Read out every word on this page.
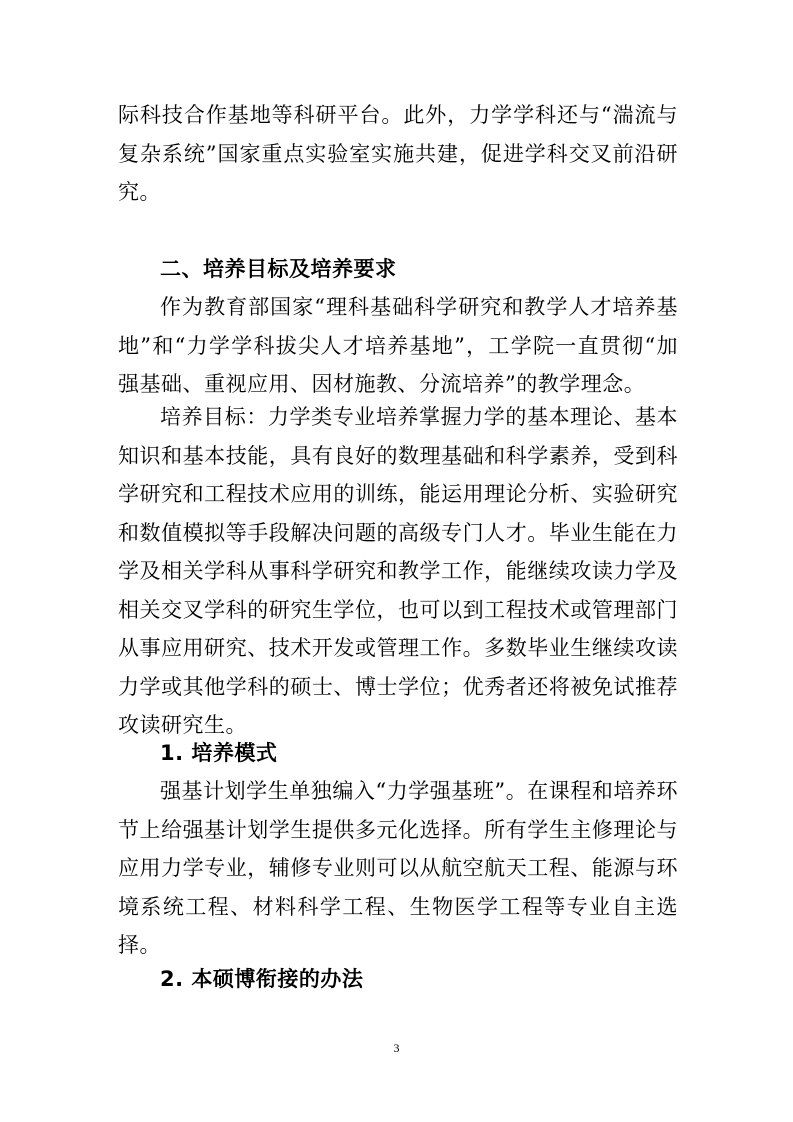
际科技合作基地等科研平台。此外，力学学科还与“湍流与复杂系统”国家重点实验室实施共建，促进学科交叉前沿研究。

二、培养目标及培养要求

作为教育部国家“理科基础科学研究和教学人才培养基地”和“力学学科拔尖人才培养基地”，工学院一直贯彻“加强基础、重视应用、因材施教、分流培养”的教学理念。

培养目标：力学类专业培养掌握力学的基本理论、基本知识和基本技能，具有良好的数理基础和科学素养，受到科学研究和工程技术应用的训练，能运用理论分析、实验研究和数值模拟等手段解决问题的高级专门人才。毕业生能在力学及相关学科从事科学研究和教学工作，能继续攻读力学及相关交叉学科的研究生学位，也可以到工程技术或管理部门从事应用研究、技术开发或管理工作。多数毕业生继续攻读力学或其他学科的硕士、博士学位；优秀者还将被免试推荐攻读研究生。

1. 培养模式

强基计划学生单独编入“力学强基班”。在课程和培养环节上给强基计划学生提供多元化选择。所有学生主修理论与应用力学专业，辅修专业则可以从航空航天工程、能源与环境系统工程、材料科学工程、生物医学工程等专业自主选择。

2. 本硕博衔接的办法

3
